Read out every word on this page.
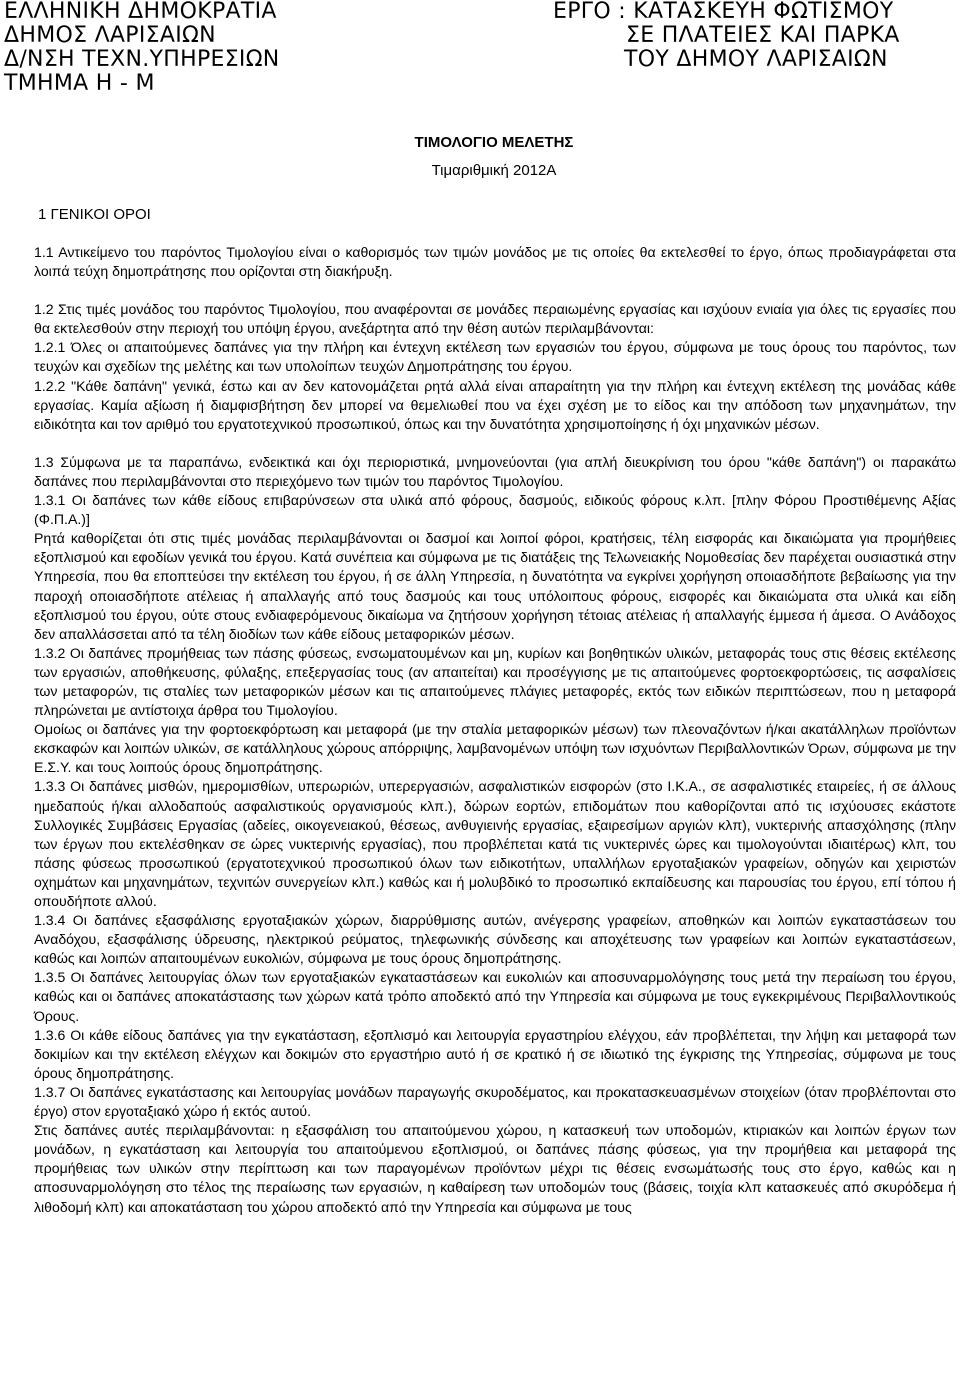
ΕΛΛΗΝΙΚΗ ΔΗΜΟΚΡΑΤΙΑ
ΔΗΜΟΣ ΛΑΡΙΣΑΙΩΝ
Δ/ΝΣΗ ΤΕΧΝ.ΥΠΗΡΕΣΙΩΝ
ΤΜΗΜΑ Η - Μ
ΕΡΓΟ : ΚΑΤΑΣΚΕΥΗ ΦΩΤΙΣΜΟΥ
ΣΕ ΠΛΑΤΕΙΕΣ ΚΑΙ ΠΑΡΚΑ
ΤΟΥ ΔΗΜΟΥ ΛΑΡΙΣΑΙΩΝ
ΤΙΜΟΛΟΓΙΟ ΜΕΛΕΤΗΣ
Τιμαριθμική 2012Α
1 ΓΕΝΙΚΟΙ ΟΡΟΙ

1.1 Αντικείμενο του παρόντος Τιμολογίου είναι ο καθορισμός των τιμών μονάδος με τις οποίες θα εκτελεσθεί το έργο, όπως προδιαγράφεται στα λοιπά τεύχη δημοπράτησης που ορίζονται στη διακήρυξη.

1.2 Στις τιμές μονάδος του παρόντος Τιμολογίου, που αναφέρονται σε μονάδες περαιωμένης εργασίας και ισχύουν ενιαία για όλες τις εργασίες που θα εκτελεσθούν στην περιοχή του υπόψη έργου, ανεξάρτητα από την θέση αυτών περιλαμβάνονται:

1.2.1 Όλες οι απαιτούμενες δαπάνες για την πλήρη και έντεχνη εκτέλεση των εργασιών του έργου, σύμφωνα με τους όρους του παρόντος, των τευχών και σχεδίων της μελέτης και των υπολοίπων τευχών Δημοπράτησης του έργου.

1.2.2 "Κάθε δαπάνη" γενικά, έστω και αν δεν κατονομάζεται ρητά αλλά είναι απαραίτητη για την πλήρη και έντεχνη εκτέλεση της μονάδας κάθε εργασίας. Καμία αξίωση ή διαμφισβήτηση δεν μπορεί να θεμελιωθεί που να έχει σχέση με το είδος και την απόδοση των μηχανημάτων, την ειδικότητα και τον αριθμό του εργατοτεχνικού προσωπικού, όπως και την δυνατότητα χρησιμοποίησης ή όχι μηχανικών μέσων.

1.3 Σύμφωνα με τα παραπάνω, ενδεικτικά και όχι περιοριστικά, μνημονεύονται (για απλή διευκρίνιση του όρου "κάθε δαπάνη") οι παρακάτω δαπάνες που περιλαμβάνονται στο περιεχόμενο των τιμών του παρόντος Τιμολογίου.

1.3.1 Οι δαπάνες των κάθε είδους επιβαρύνσεων στα υλικά από φόρους, δασμούς, ειδικούς φόρους κ.λπ. [πλην Φόρου Προστιθέμενης Αξίας (Φ.Π.Α.)]

Ρητά καθορίζεται ότι στις τιμές μονάδας περιλαμβάνονται οι δασμοί και λοιποί φόροι, κρατήσεις, τέλη εισφοράς και δικαιώματα για προμήθειες εξοπλισμού και εφοδίων γενικά του έργου. Κατά συνέπεια και σύμφωνα με τις διατάξεις της Τελωνειακής Νομοθεσίας δεν παρέχεται ουσιαστικά στην Υπηρεσία, που θα εποπτεύσει την εκτέλεση του έργου, ή σε άλλη Υπηρεσία, η δυνατότητα να εγκρίνει χορήγηση οποιασδήποτε βεβαίωσης για την παροχή οποιασδήποτε ατέλειας ή απαλλαγής από τους δασμούς και τους υπόλοιπους φόρους, εισφορές και δικαιώματα στα υλικά και είδη εξοπλισμού του έργου, ούτε στους ενδιαφερόμενους δικαίωμα να ζητήσουν χορήγηση τέτοιας ατέλειας ή απαλλαγής έμμεσα ή άμεσα. Ο Ανάδοχος δεν απαλλάσσεται από τα τέλη διοδίων των κάθε είδους μεταφορικών μέσων.

1.3.2 Οι δαπάνες προμήθειας των πάσης φύσεως, ενσωματουμένων και μη, κυρίων και βοηθητικών υλικών, μεταφοράς τους στις θέσεις εκτέλεσης των εργασιών, αποθήκευσης, φύλαξης, επεξεργασίας τους (αν απαιτείται) και προσέγγισης με τις απαιτούμενες φορτοεκφορτώσεις, τις ασφαλίσεις των μεταφορών, τις σταλίες των μεταφορικών μέσων και τις απαιτούμενες πλάγιες μεταφορές, εκτός των ειδικών περιπτώσεων, που η μεταφορά πληρώνεται με αντίστοιχα άρθρα του Τιμολογίου.

Ομοίως οι δαπάνες για την φορτοεκφόρτωση και μεταφορά (με την σταλία μεταφορικών μέσων) των πλεοναζόντων ή/και ακατάλληλων προϊόντων εκσκαφών και λοιπών υλικών, σε κατάλληλους χώρους απόρριψης, λαμβανομένων υπόψη των ισχυόντων Περιβαλλοντικών Όρων, σύμφωνα με την Ε.Σ.Υ. και τους λοιπούς όρους δημοπράτησης.

1.3.3 Οι δαπάνες μισθών, ημερομισθίων, υπερωριών, υπερεργασιών, ασφαλιστικών εισφορών (στο Ι.Κ.Α., σε ασφαλιστικές εταιρείες, ή σε άλλους ημεδαπούς ή/και αλλοδαπούς ασφαλιστικούς οργανισμούς κλπ.), δώρων εορτών, επιδομάτων που καθορίζονται από τις ισχύουσες εκάστοτε Συλλογικές Συμβάσεις Εργασίας (αδείες, οικογενειακού, θέσεως, ανθυγιεινής εργασίας, εξαιρεσίμων αργιών κλπ), νυκτερινής απασχόλησης (πλην των έργων που εκτελέσθηκαν σε ώρες νυκτερινής εργασίας), που προβλέπεται κατά τις νυκτερινές ώρες και τιμολογούνται ιδιαιτέρως) κλπ, του πάσης φύσεως προσωπικού (εργατοτεχνικού προσωπικού όλων των ειδικοτήτων, υπαλλήλων εργοταξιακών γραφείων, οδηγών και χειριστών οχημάτων και μηχανημάτων, τεχνιτών συνεργείων κλπ.) καθώς και ή μολυβδικό το προσωπικό εκπαίδευσης και παρουσίας του έργου, επί τόπου ή οπουδήποτε αλλού.

1.3.4 Οι δαπάνες εξασφάλισης εργοταξιακών χώρων, διαρρύθμισης αυτών, ανέγερσης γραφείων, αποθηκών και λοιπών εγκαταστάσεων του Αναδόχου, εξασφάλισης ύδρευσης, ηλεκτρικού ρεύματος, τηλεφωνικής σύνδεσης και αποχέτευσης των γραφείων και λοιπών εγκαταστάσεων, καθώς και λοιπών απαιτουμένων ευκολιών, σύμφωνα με τους όρους δημοπράτησης.

1.3.5 Οι δαπάνες λειτουργίας όλων των εργοταξιακών εγκαταστάσεων και ευκολιών και αποσυναρμολόγησης τους μετά την περαίωση του έργου, καθώς και οι δαπάνες αποκατάστασης των χώρων κατά τρόπο αποδεκτό από την Υπηρεσία και σύμφωνα με τους εγκεκριμένους Περιβαλλοντικούς Όρους.

1.3.6 Οι κάθε είδους δαπάνες για την εγκατάσταση, εξοπλισμό και λειτουργία εργαστηρίου ελέγχου, εάν προβλέπεται, την λήψη και μεταφορά των δοκιμίων και την εκτέλεση ελέγχων και δοκιμών στο εργαστήριο αυτό ή σε κρατικό ή σε ιδιωτικό της έγκρισης της Υπηρεσίας, σύμφωνα με τους όρους δημοπράτησης.

1.3.7 Οι δαπάνες εγκατάστασης και λειτουργίας μονάδων παραγωγής σκυροδέματος, και προκατασκευασμένων στοιχείων (όταν προβλέπονται στο έργο) στον εργοταξιακό χώρο ή εκτός αυτού.

Στις δαπάνες αυτές περιλαμβάνονται: η εξασφάλιση του απαιτούμενου χώρου, η κατασκευή των υποδομών, κτιριακών και λοιπών έργων των μονάδων, η εγκατάσταση και λειτουργία του απαιτούμενου εξοπλισμού, οι δαπάνες πάσης φύσεως, για την προμήθεια και μεταφορά της προμήθειας των υλικών στην περίπτωση και των παραγομένων προϊόντων μέχρι τις θέσεις ενσωμάτωσής τους στο έργο, καθώς και η αποσυναρμολόγηση στο τέλος της περαίωσης των εργασιών, η καθαίρεση των υποδομών τους (βάσεις, τοιχία κλπ κατασκευές από σκυρόδεμα ή λιθοδομή κλπ) και αποκατάσταση του χώρου αποδεκτό από την Υπηρεσία και σύμφωνα με τους
